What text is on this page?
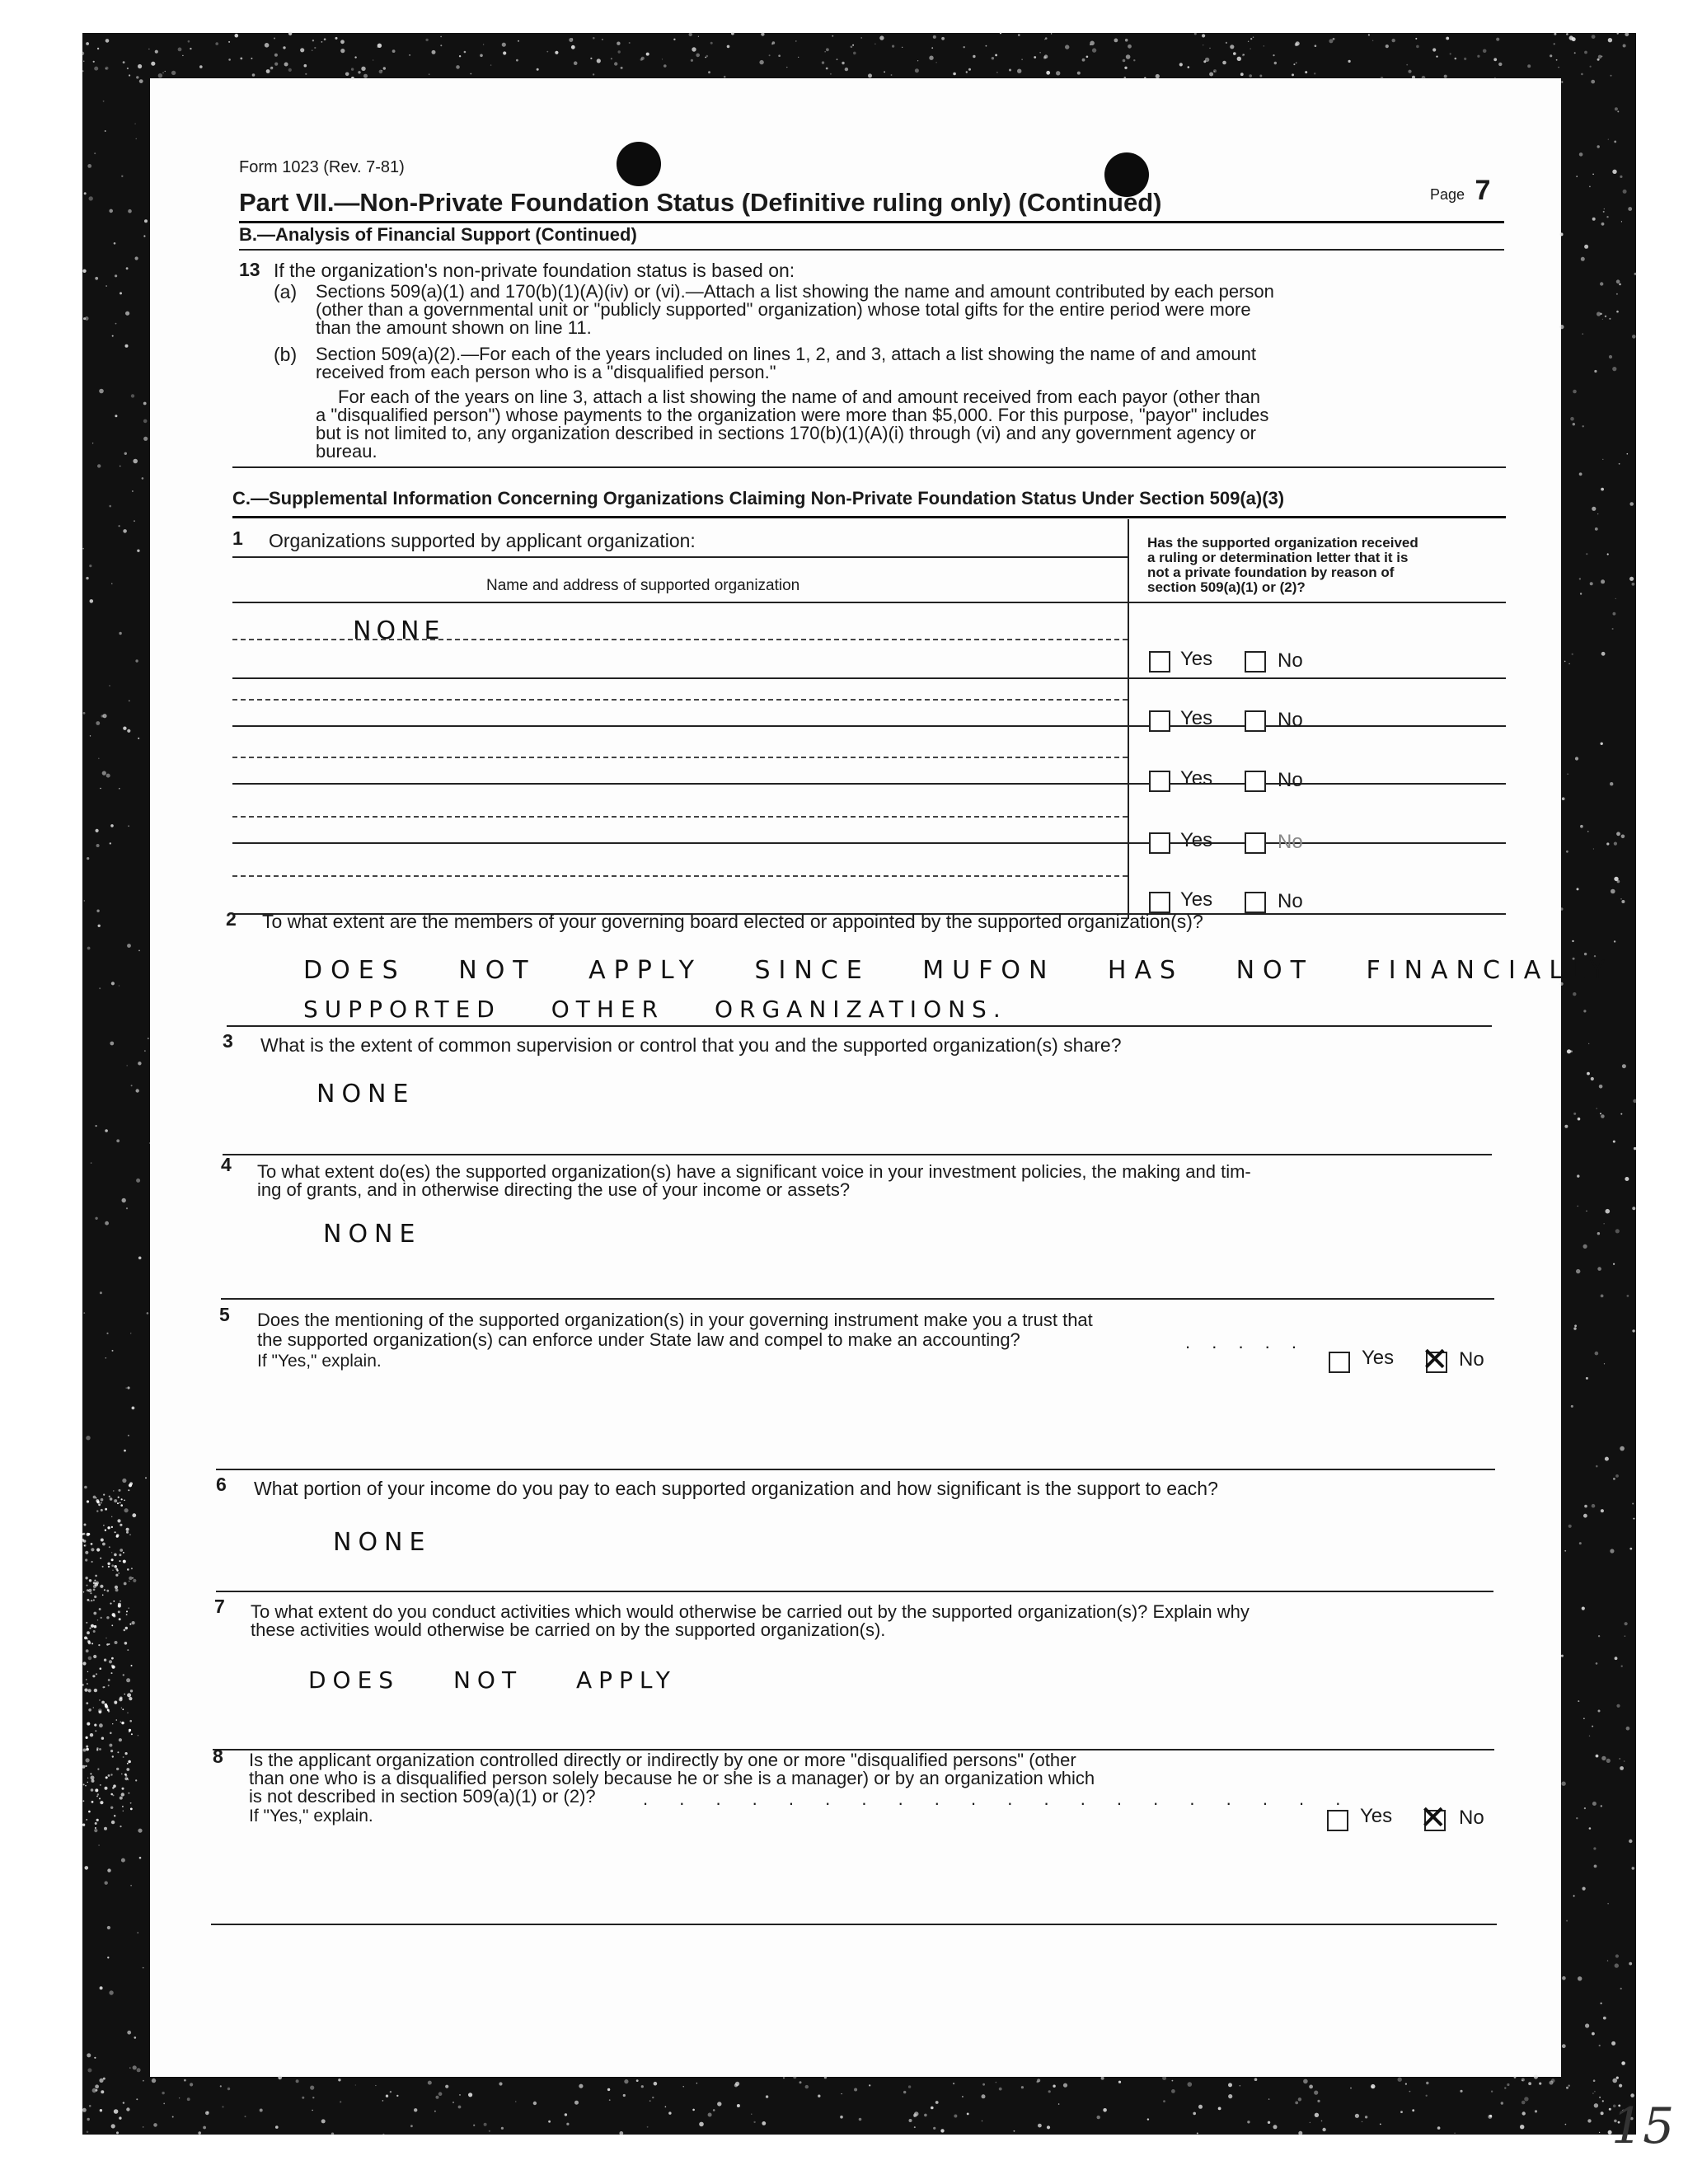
Form 1023 (Rev. 7-81)
Page 7
Part VII.—Non-Private Foundation Status (Definitive ruling only) (Continued)
B.—Analysis of Financial Support (Continued)
13 If the organization's non-private foundation status is based on:
(a) Sections 509(a)(1) and 170(b)(1)(A)(iv) or (vi).—Attach a list showing the name and amount contributed by each person
(other than a governmental unit or "publicly supported" organization) whose total gifts for the entire period were more
than the amount shown on line 11.
(b) Section 509(a)(2).—For each of the years included on lines 1, 2, and 3, attach a list showing the name of and amount
received from each person who is a "disqualified person."
For each of the years on line 3, attach a list showing the name of and amount received from each payor (other than
a "disqualified person") whose payments to the organization were more than $5,000. For this purpose, "payor" includes
but is not limited to, any organization described in sections 170(b)(1)(A)(i) through (vi) and any government agency or
bureau.
C.—Supplemental Information Concerning Organizations Claiming Non-Private Foundation Status Under Section 509(a)(3)
1 Organizations supported by applicant organization:	Has the supported organization received
a ruling or determination letter that it is
not a private foundation by reason of
section 509(a)(1) or (2)?
Name and address of supported organization
NONE
Yes	No
Yes	No
Yes	No
Yes	No
Yes	No
2 To what extent are the members of your governing board elected or appointed by the supported organization(s)?
DOES NOT APPLY SINCE MUFON HAS NOT FINANCIALLY
SUPPORTED OTHER ORGANIZATIONS.
3 What is the extent of common supervision or control that you and the supported organization(s) share?
NONE
4 To what extent do(es) the supported organization(s) have a significant voice in your investment policies, the making and tim-
ing of grants, and in otherwise directing the use of your income or assets?
NONE
5 Does the mentioning of the supported organization(s) in your governing instrument make you a trust that
the supported organization(s) can enforce under State law and compel to make an accounting?	. . . . .
If "Yes," explain.	Yes ✕ No
6 What portion of your income do you pay to each supported organization and how significant is the support to each?
NONE
7 To what extent do you conduct activities which would otherwise be carried out by the supported organization(s)? Explain why
these activities would otherwise be carried on by the supported organization(s).
DOES NOT APPLY
8 Is the applicant organization controlled directly or indirectly by one or more "disqualified persons" (other
than one who is a disqualified person solely because he or she is a manager) or by an organization which
is not described in section 509(a)(1) or (2)?	. . . . . . . . . . . . . . . . . . . .
If "Yes," explain.	Yes ✕ No
15
